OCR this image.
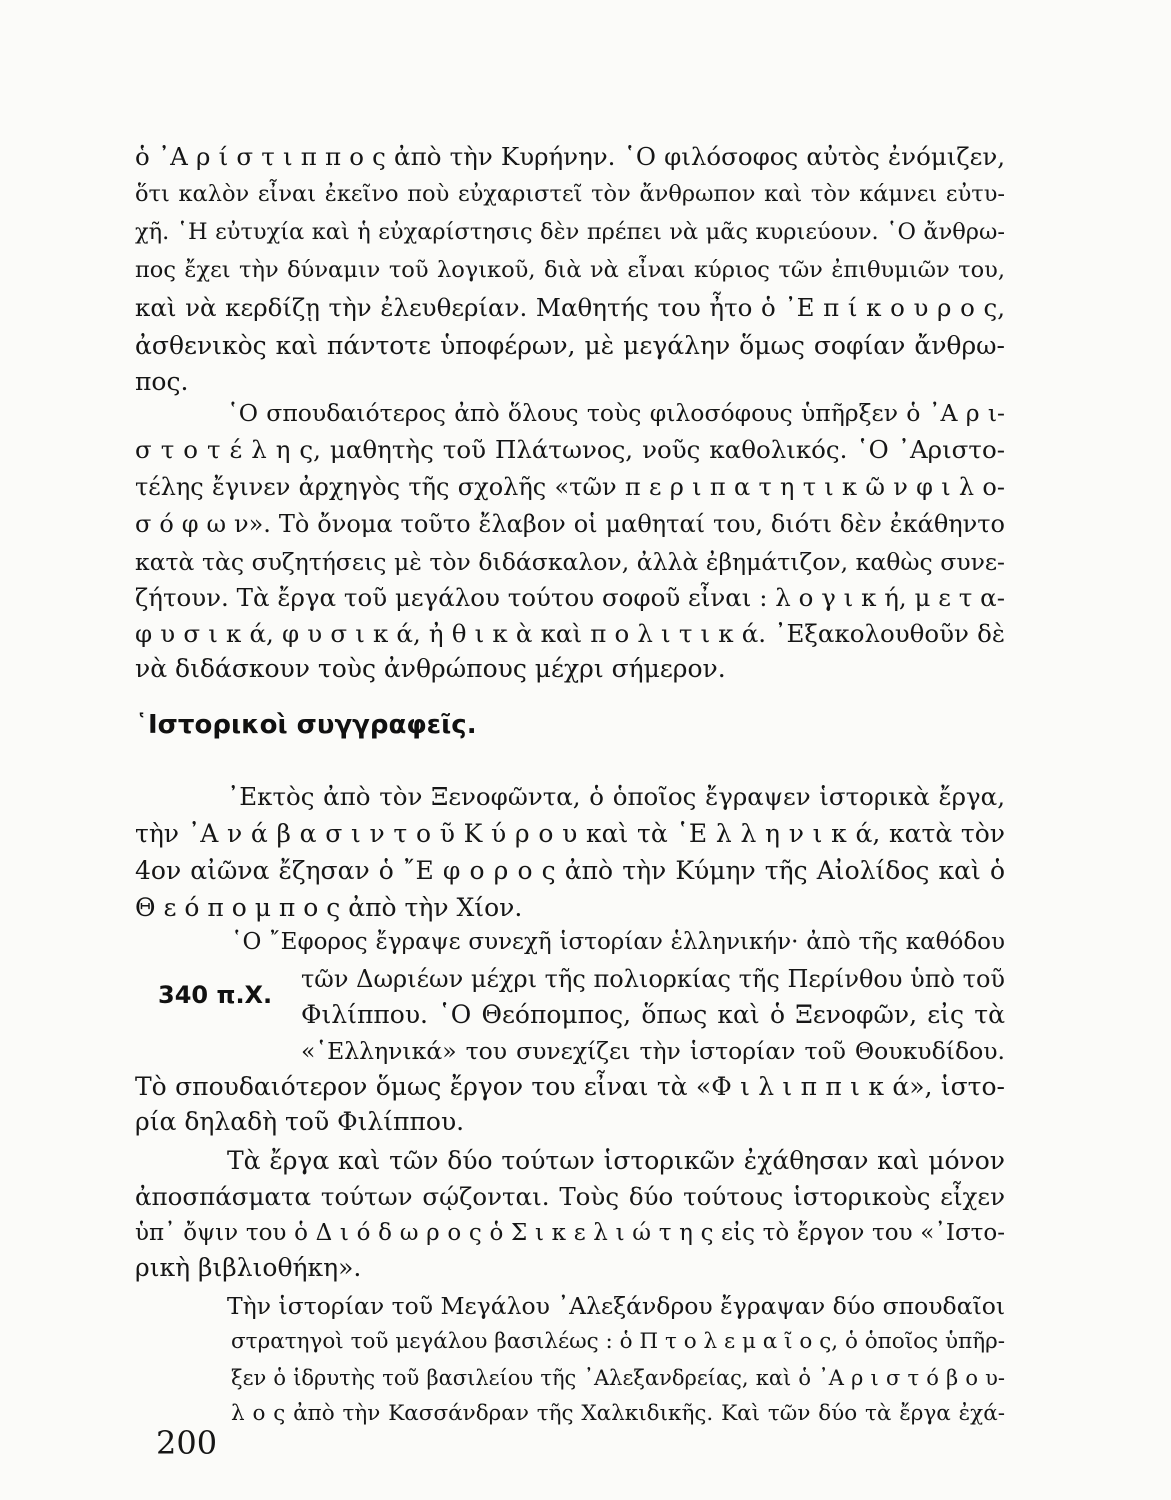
ὁ ᾿Α ρ ί σ τ ι π π ο ς ἀπὸ τὴν Κυρήνην. ῾Ο φιλόσοφος αὐτὸς ἐνόμιζεν,
ὅτι καλὸν εἶναι ἐκεῖνο ποὺ εὐχαριστεῖ τὸν ἄνθρωπον καὶ τὸν κάμνει εὐτυ-
χῆ. ῾Η εὐτυχία καὶ ἡ εὐχαρίστησις δὲν πρέπει νὰ μᾶς κυριεύουν. ῾Ο ἄνθρω-
πος ἔχει τὴν δύναμιν τοῦ λογικοῦ, διὰ νὰ εἶναι κύριος τῶν ἐπιθυμιῶν του,
καὶ νὰ κερδίζῃ τὴν ἐλευθερίαν. Μαθητής του ἦτο ὁ ᾿Ε π ί κ ο υ ρ ο ς,
ἀσθενικὸς καὶ πάντοτε ὑποφέρων, μὲ μεγάλην ὅμως σοφίαν ἄνθρω-
πος.
῾Ο σπουδαιότερος ἀπὸ ὅλους τοὺς φιλοσόφους ὑπῆρξεν ὁ ᾿Α ρ ι-
σ τ ο τ έ λ η ς, μαθητὴς τοῦ Πλάτωνος, νοῦς καθολικός. ῾Ο ᾿Αριστο-
τέλης ἔγινεν ἀρχηγὸς τῆς σχολῆς «τῶν π ε ρ ι π α τ η τ ι κ ῶ ν φ ι λ ο-
σ ό φ ω ν». Τὸ ὄνομα τοῦτο ἔλαβον οἱ μαθηταί του, διότι δὲν ἐκάθηντο
κατὰ τὰς συζητήσεις μὲ τὸν διδάσκαλον, ἀλλὰ ἐβημάτιζον, καθὼς συνε-
ζήτουν. Τὰ ἔργα τοῦ μεγάλου τούτου σοφοῦ εἶναι : λ ο γ ι κ ή, μ ε τ α-
φ υ σ ι κ ά, φ υ σ ι κ ά, ἠ θ ι κ ὰ καὶ π ο λ ι τ ι κ ά. ᾿Εξακολουθοῦν δὲ
νὰ διδάσκουν τοὺς ἀνθρώπους μέχρι σήμερον.
῾Ιστορικοὶ συγγραφεῖς.
᾿Εκτὸς ἀπὸ τὸν Ξενοφῶντα, ὁ ὁποῖος ἔγραψεν ἱστορικὰ ἔργα,
τὴν ᾿Α ν ά β α σ ι ν τ ο ῦ Κ ύ ρ ο υ καὶ τὰ ῾Ε λ λ η ν ι κ ά, κατὰ τὸν
4ον αἰῶνα ἔζησαν ὁ ῎Ε φ ο ρ ο ς ἀπὸ τὴν Κύμην τῆς Αἰολίδος καὶ ὁ
Θ ε ό π ο μ π ο ς ἀπὸ τὴν Χίον.
῾Ο ῎Εφορος ἔγραψε συνεχῆ ἱστορίαν ἑλληνικήν· ἀπὸ τῆς καθόδου
τῶν Δωριέων μέχρι τῆς πολιορκίας τῆς Περίνθου ὑπὸ τοῦ
Φιλίππου. ῾Ο Θεόπομπος, ὅπως καὶ ὁ Ξενοφῶν, εἰς τὰ
«῾Ελληνικά» του συνεχίζει τὴν ἱστορίαν τοῦ Θουκυδίδου.
Τὸ σπουδαιότερον ὅμως ἔργον του εἶναι τὰ «Φ ι λ ι π π ι κ ά», ἱστο-
ρία δηλαδὴ τοῦ Φιλίππου.
Τὰ ἔργα καὶ τῶν δύο τούτων ἱστορικῶν ἐχάθησαν καὶ μόνον
ἀποσπάσματα τούτων σῴζονται. Τοὺς δύο τούτους ἱστορικοὺς εἶχεν
ὑπ᾿ ὄψιν του ὁ Δ ι ό δ ω ρ ο ς ὁ Σ ι κ ε λ ι ώ τ η ς εἰς τὸ ἔργον του «᾿Ιστο-
ρικὴ βιβλιοθήκη».
Τὴν ἱστορίαν τοῦ Μεγάλου ᾿Αλεξάνδρου ἔγραψαν δύο σπουδαῖοι
στρατηγοὶ τοῦ μεγάλου βασιλέως : ὁ Π τ ο λ ε μ α ῖ ο ς, ὁ ὁποῖος ὑπῆρ-
ξεν ὁ ἱδρυτὴς τοῦ βασιλείου τῆς ᾿Αλεξανδρείας, καὶ ὁ ᾿Α ρ ι σ τ ό β ο υ-
λ ο ς ἀπὸ τὴν Κασσάνδραν τῆς Χαλκιδικῆς. Καὶ τῶν δύο τὰ ἔργα ἐχά-
340 π.Χ.
200
